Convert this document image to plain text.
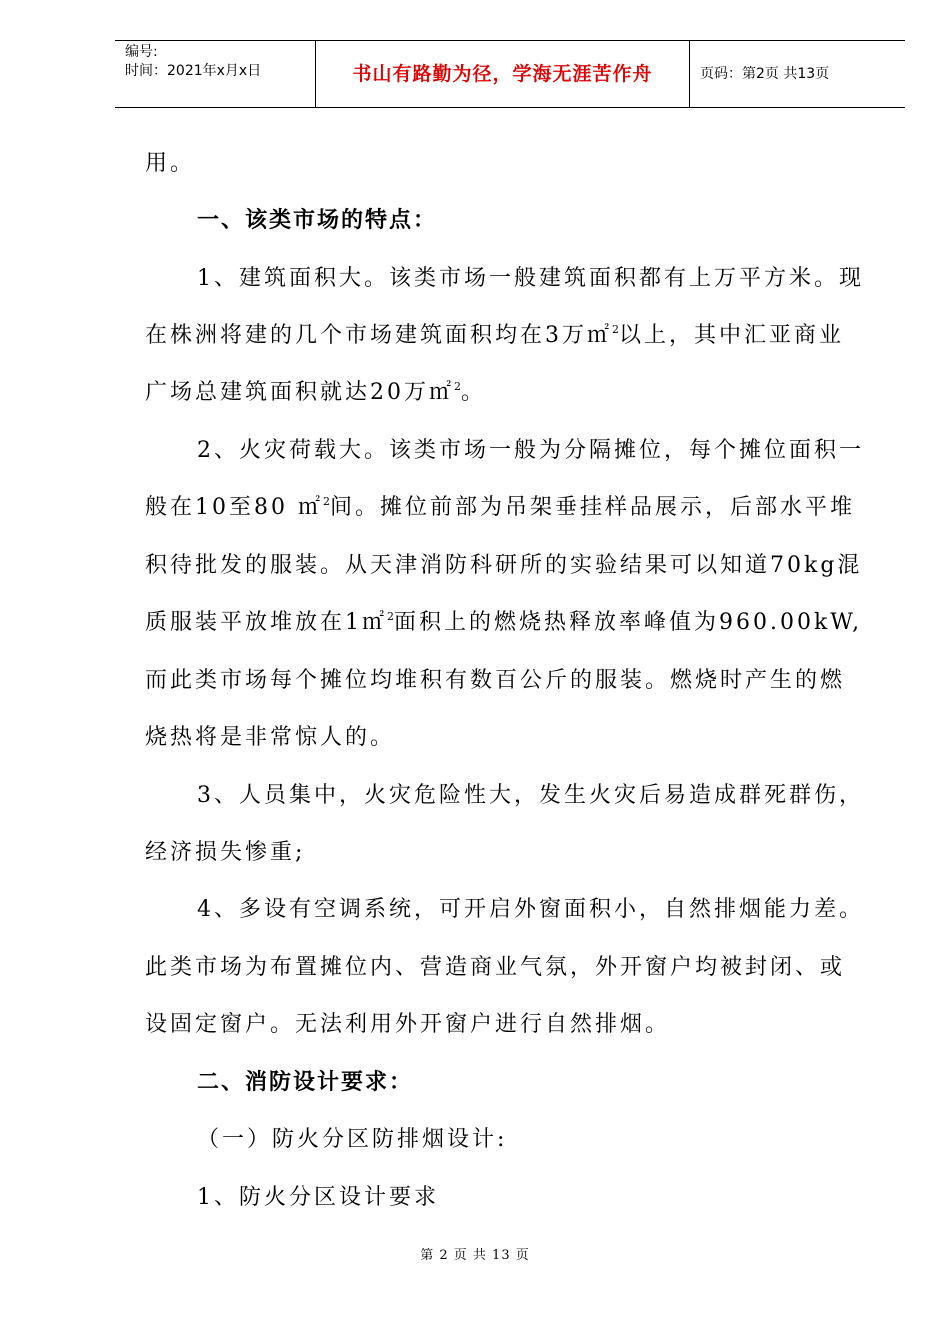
编号:
时间：2021年x月x日	书山有路勤为径，学海无涯苦作舟	页码：第2页 共13页
用。
一、该类市场的特点：
1、建筑面积大。该类市场一般建筑面积都有上万平方米。现
在株洲将建的几个市场建筑面积均在3万㎡$^2$以上，其中汇亚商业
广场总建筑面积就达20万㎡$^2$。
2、火灾荷载大。该类市场一般为分隔摊位，每个摊位面积一
般在10至80 ㎡$^2$间。摊位前部为吊架垂挂样品展示，后部水平堆
积待批发的服装。从天津消防科研所的实验结果可以知道70kg混
质服装平放堆放在1㎡$^2$面积上的燃烧热释放率峰值为960.00kW,
而此类市场每个摊位均堆积有数百公斤的服装。燃烧时产生的燃
烧热将是非常惊人的。
3、人员集中，火灾危险性大，发生火灾后易造成群死群伤，
经济损失惨重;
4、多设有空调系统，可开启外窗面积小，自然排烟能力差。
此类市场为布置摊位内、营造商业气氛，外开窗户均被封闭、或
设固定窗户。无法利用外开窗户进行自然排烟。
二、消防设计要求：
（一）防火分区防排烟设计:
1、防火分区设计要求
第 2 页 共 13 页
